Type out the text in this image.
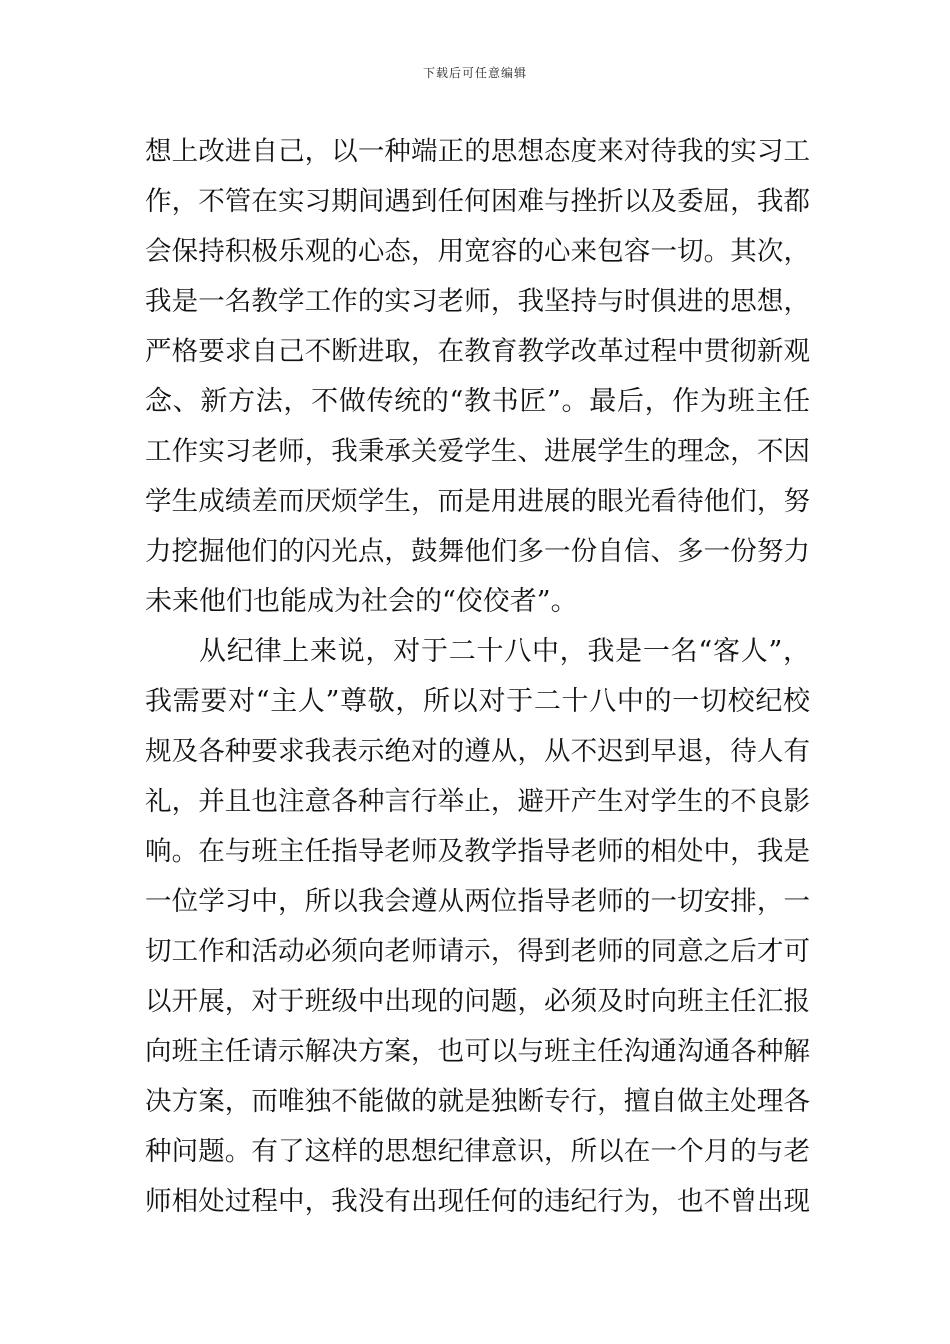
下载后可任意编辑
想上改进自己，以一种端正的思想态度来对待我的实习工
作，不管在实习期间遇到任何困难与挫折以及委屈，我都
会保持积极乐观的心态，用宽容的心来包容一切。其次，
我是一名教学工作的实习老师，我坚持与时俱进的思想，
严格要求自己不断进取，在教育教学改革过程中贯彻新观
念、新方法，不做传统的“教书匠”。最后，作为班主任
工作实习老师，我秉承关爱学生、进展学生的理念，不因
学生成绩差而厌烦学生，而是用进展的眼光看待他们，努
力挖掘他们的闪光点，鼓舞他们多一份自信、多一份努力
未来他们也能成为社会的“佼佼者”。
从纪律上来说，对于二十八中，我是一名“客人”，
我需要对“主人”尊敬，所以对于二十八中的一切校纪校
规及各种要求我表示绝对的遵从，从不迟到早退，待人有
礼，并且也注意各种言行举止，避开产生对学生的不良影
响。在与班主任指导老师及教学指导老师的相处中，我是
一位学习中，所以我会遵从两位指导老师的一切安排，一
切工作和活动必须向老师请示，得到老师的同意之后才可
以开展，对于班级中出现的问题，必须及时向班主任汇报
向班主任请示解决方案，也可以与班主任沟通沟通各种解
决方案，而唯独不能做的就是独断专行，擅自做主处理各
种问题。有了这样的思想纪律意识，所以在一个月的与老
师相处过程中，我没有出现任何的违纪行为，也不曾出现
